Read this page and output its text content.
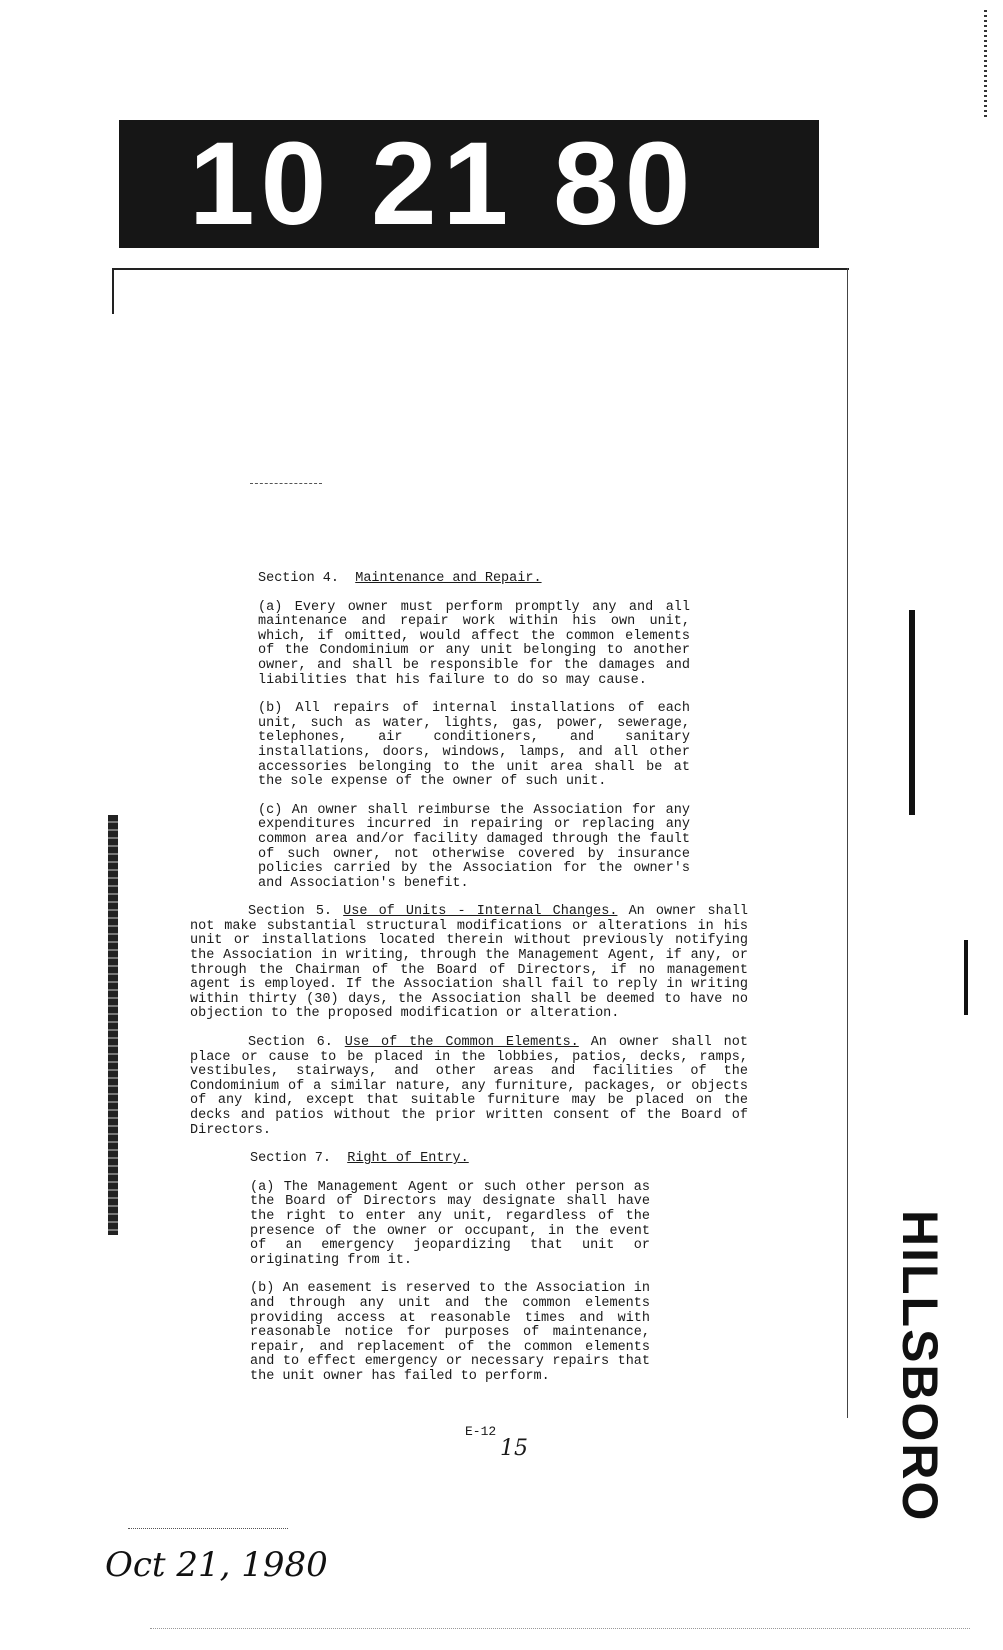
10 21 80
HILLSBORO

Section 4. Maintenance and Repair.

(a) Every owner must perform promptly any and all maintenance and repair work within his own unit, which, if omitted, would affect the common elements of the Condominium or any unit belonging to another owner, and shall be responsible for the damages and liabilities that his failure to do so may cause.

(b) All repairs of internal installations of each unit, such as water, lights, gas, power, sewerage, telephones, air conditioners, and sanitary installations, doors, windows, lamps, and all other accessories belonging to the unit area shall be at the sole expense of the owner of such unit.

(c) An owner shall reimburse the Association for any expenditures incurred in repairing or replacing any common area and/or facility damaged through the fault of such owner, not otherwise covered by insurance policies carried by the Association for the owner's and Association's benefit.

Section 5. Use of Units - Internal Changes. An owner shall not make substantial structural modifications or alterations in his unit or installations located therein without previously notifying the Association in writing, through the Management Agent, if any, or through the Chairman of the Board of Directors, if no management agent is employed. If the Association shall fail to reply in writing within thirty (30) days, the Association shall be deemed to have no objection to the proposed modification or alteration.

Section 6. Use of the Common Elements. An owner shall not place or cause to be placed in the lobbies, patios, decks, ramps, vestibules, stairways, and other areas and facilities of the Condominium of a similar nature, any furniture, packages, or objects of any kind, except that suitable furniture may be placed on the decks and patios without the prior written consent of the Board of Directors.

Section 7. Right of Entry.

(a) The Management Agent or such other person as the Board of Directors may designate shall have the right to enter any unit, regardless of the presence of the owner or occupant, in the event of an emergency jeopardizing that unit or originating from it.

(b) An easement is reserved to the Association in and through any unit and the common elements providing access at reasonable times and with reasonable notice for purposes of maintenance, repair, and replacement of the common elements and to effect emergency or necessary repairs that the unit owner has failed to perform.

E-12
15
Oct 21, 1980
